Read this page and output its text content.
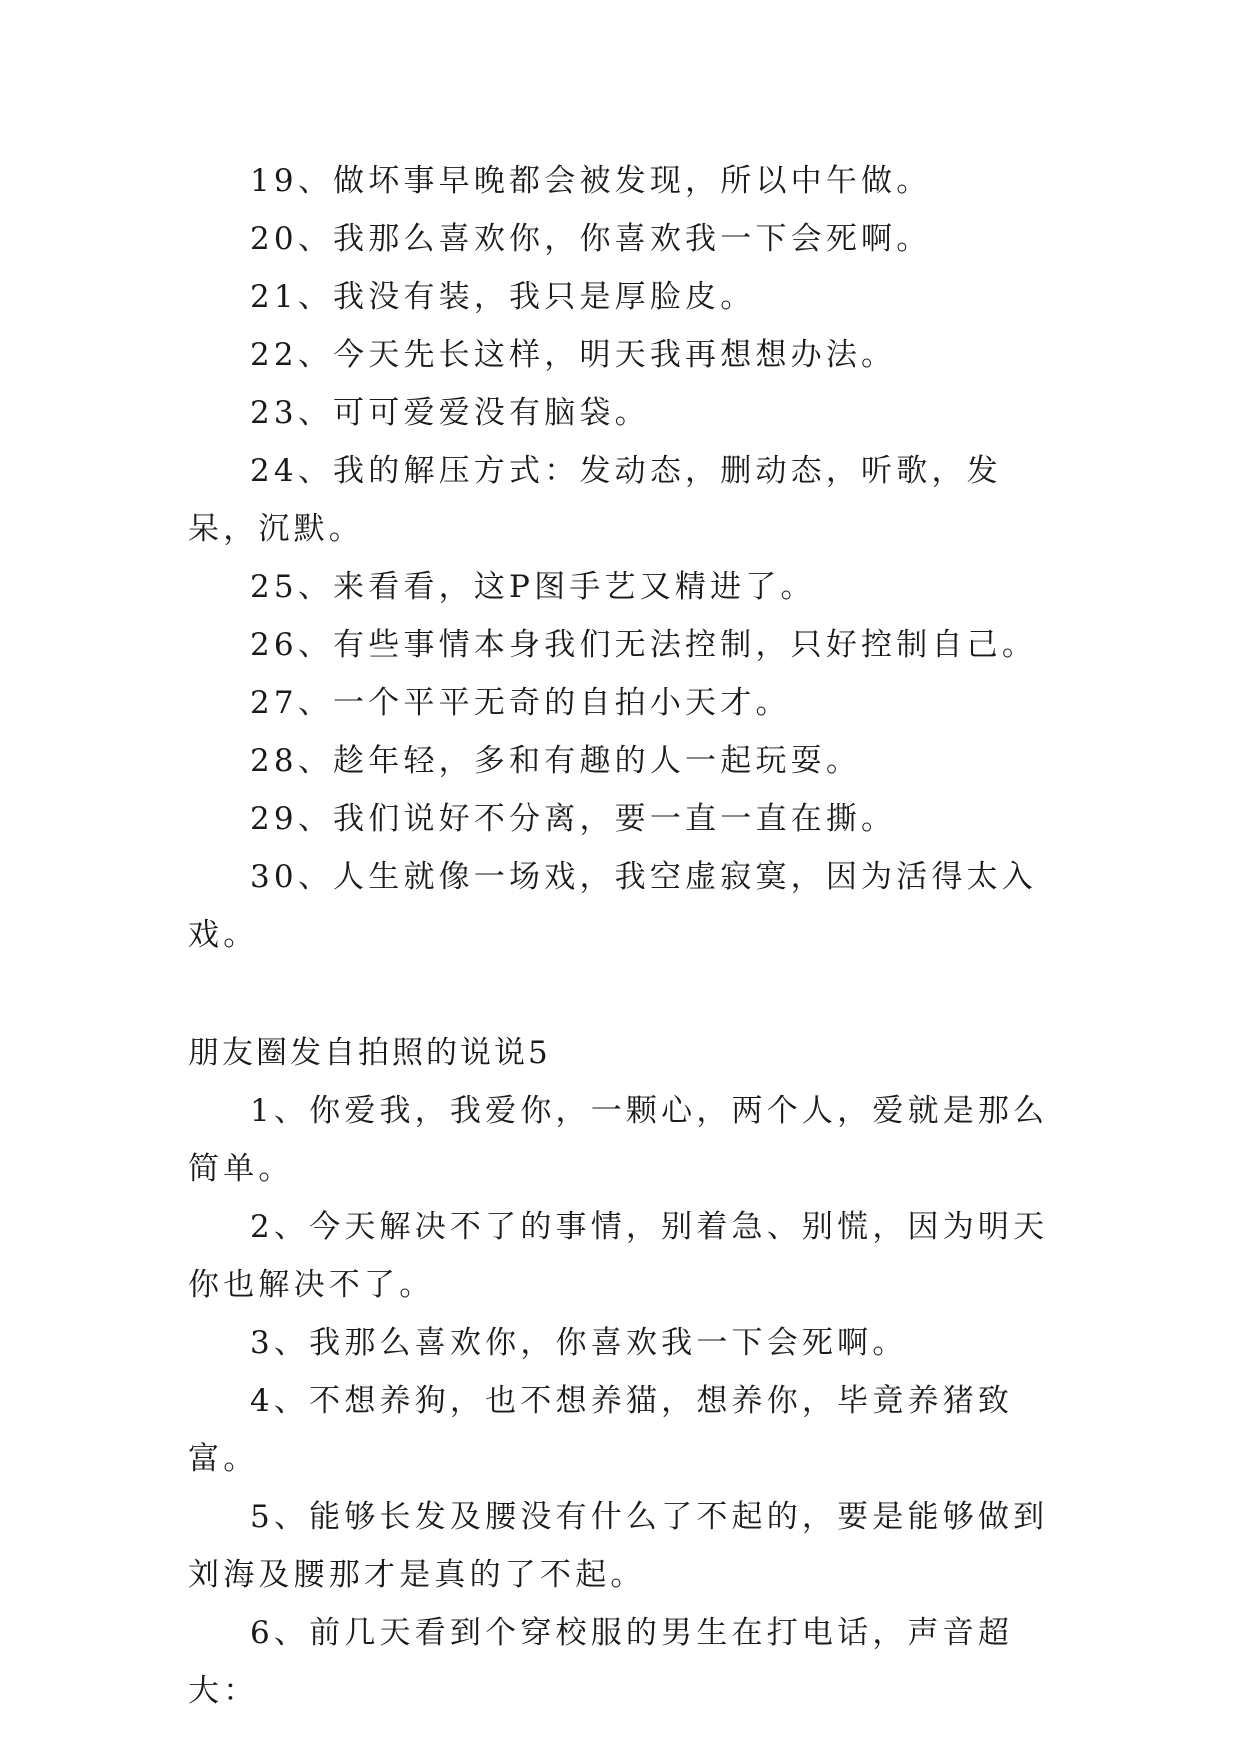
19、做坏事早晚都会被发现，所以中午做。

20、我那么喜欢你，你喜欢我一下会死啊。

21、我没有装，我只是厚脸皮。

22、今天先长这样，明天我再想想办法。

23、可可爱爱没有脑袋。

24、我的解压方式：发动态，删动态，听歌，发呆，沉默。

25、来看看，这P图手艺又精进了。

26、有些事情本身我们无法控制，只好控制自己。

27、一个平平无奇的自拍小天才。

28、趁年轻，多和有趣的人一起玩耍。

29、我们说好不分离，要一直一直在撕。

30、人生就像一场戏，我空虚寂寞，因为活得太入戏。

朋友圈发自拍照的说说5

1、你爱我，我爱你，一颗心，两个人，爱就是那么简单。

2、今天解决不了的事情，别着急、别慌，因为明天你也解决不了。

3、我那么喜欢你，你喜欢我一下会死啊。

4、不想养狗，也不想养猫，想养你，毕竟养猪致富。

5、能够长发及腰没有什么了不起的，要是能够做到刘海及腰那才是真的了不起。

6、前几天看到个穿校服的男生在打电话，声音超大：
